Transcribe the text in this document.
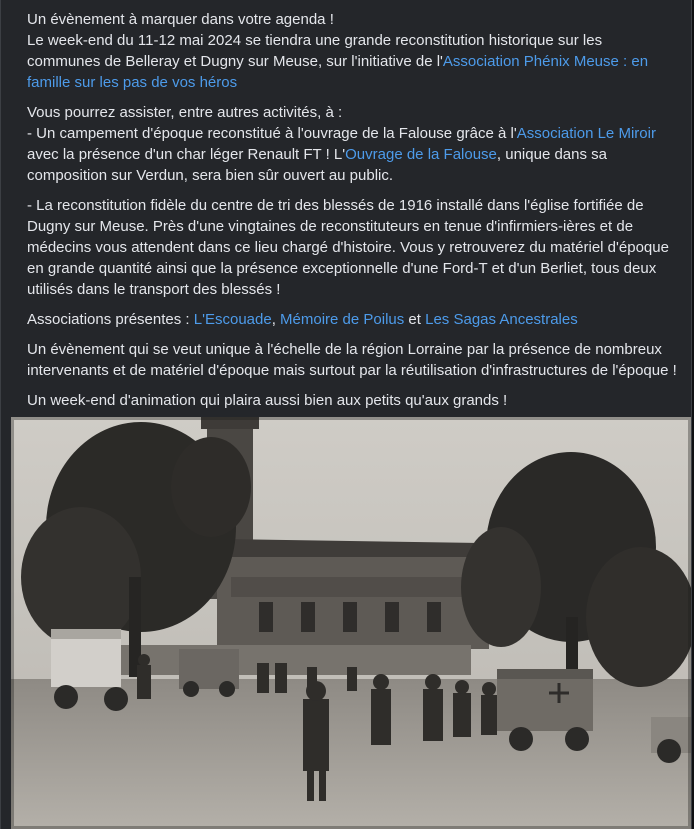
Un évènement à marquer dans votre agenda !
Le week-end du 11-12 mai 2024 se tiendra une grande reconstitution historique sur les communes de Belleray et Dugny sur Meuse, sur l'initiative de l'Association Phénix Meuse : en famille sur les pas de vos héros

Vous pourrez assister, entre autres activités, à :
- Un campement d'époque reconstitué à l'ouvrage de la Falouse grâce à l'Association Le Miroir avec la présence d'un char léger Renault FT ! L'Ouvrage de la Falouse, unique dans sa composition sur Verdun, sera bien sûr ouvert au public.

- La reconstitution fidèle du centre de tri des blessés de 1916 installé dans l'église fortifiée de Dugny sur Meuse. Près d'une vingtaines de reconstituteurs en tenue d'infirmiers-ières et de médecins vous attendent dans ce lieu chargé d'histoire. Vous y retrouverez du matériel d'époque en grande quantité ainsi que la présence exceptionnelle d'une Ford-T et d'un Berliet, tous deux utilisés dans le transport des blessés !

Associations présentes : L'Escouade, Mémoire de Poilus et Les Sagas Ancestrales

Un évènement qui se veut unique à l'échelle de la région Lorraine par la présence de nombreux intervenants et de matériel d'époque mais surtout par la réutilisation d'infrastructures de l'époque !

Un week-end d'animation qui plaira aussi bien aux petits qu'aux grands !
